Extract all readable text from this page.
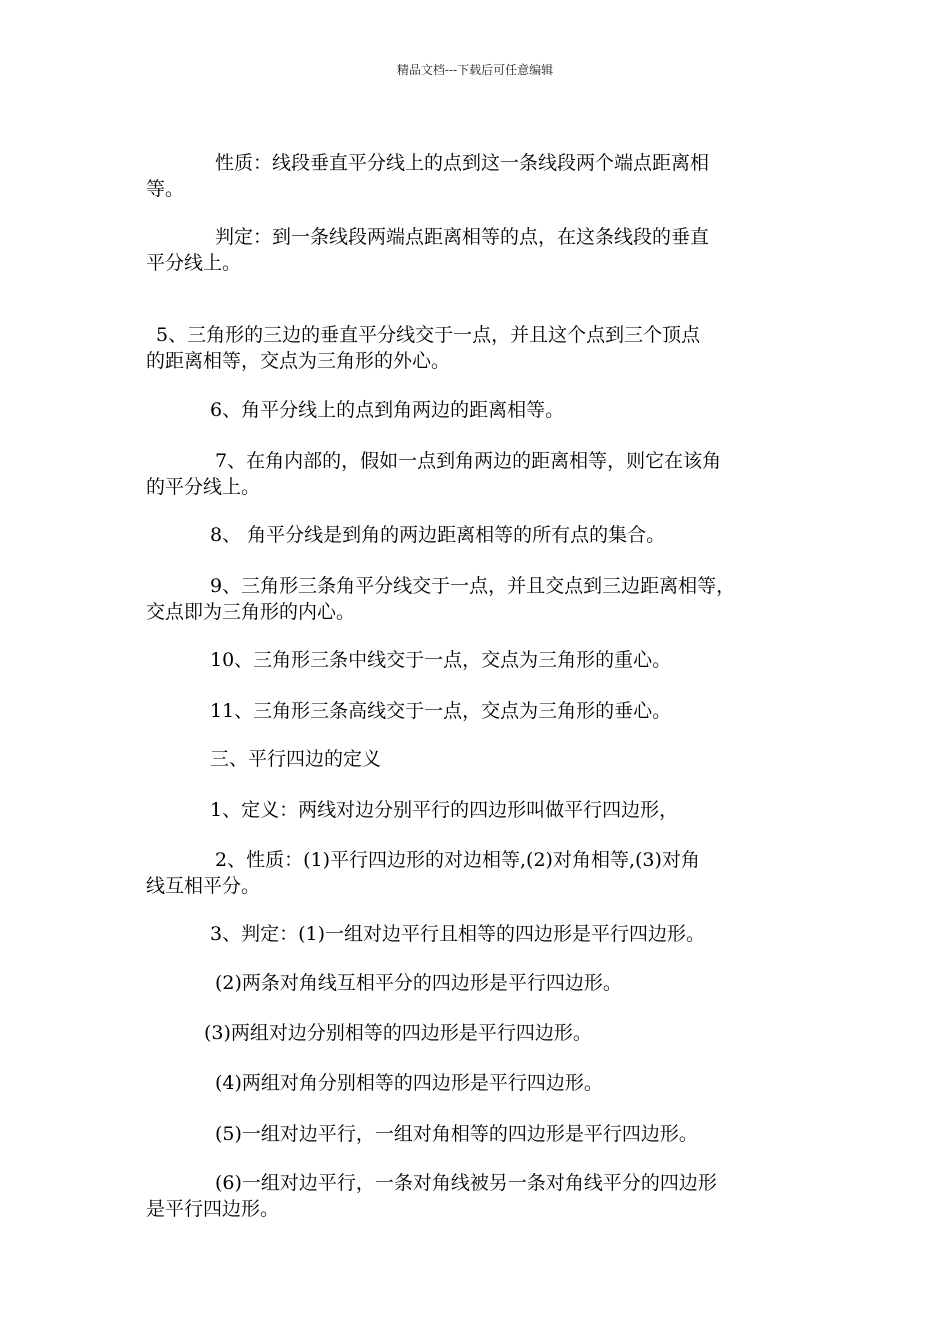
精品文档---下载后可任意编辑
性质：线段垂直平分线上的点到这一条线段两个端点距离相
等。
判定：到一条线段两端点距离相等的点，在这条线段的垂直
平分线上。
5、三角形的三边的垂直平分线交于一点，并且这个点到三个顶点
的距离相等，交点为三角形的外心。
6、角平分线上的点到角两边的距离相等。
7、在角内部的，假如一点到角两边的距离相等，则它在该角
的平分线上。
8、 角平分线是到角的两边距离相等的所有点的集合。
9、三角形三条角平分线交于一点，并且交点到三边距离相等，
交点即为三角形的内心。
10、三角形三条中线交于一点，交点为三角形的重心。
11、三角形三条高线交于一点，交点为三角形的垂心。
三、平行四边的定义
1、定义：两线对边分别平行的四边形叫做平行四边形，
2、性质：(1)平行四边形的对边相等,(2)对角相等,(3)对角
线互相平分。
3、判定：(1)一组对边平行且相等的四边形是平行四边形。
(2)两条对角线互相平分的四边形是平行四边形。
(3)两组对边分别相等的四边形是平行四边形。
(4)两组对角分别相等的四边形是平行四边形。
(5)一组对边平行，一组对角相等的四边形是平行四边形。
(6)一组对边平行，一条对角线被另一条对角线平分的四边形
是平行四边形。
